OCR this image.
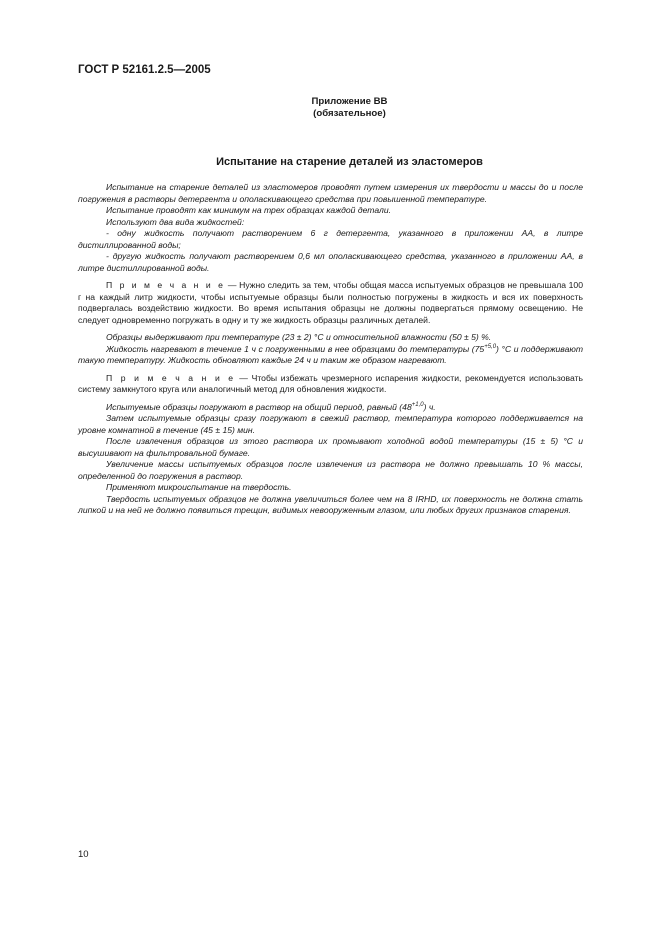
ГОСТ Р 52161.2.5—2005
Приложение ВВ
(обязательное)
Испытание на старение деталей из эластомеров

Испытание на старение деталей из эластомеров проводят путем измерения их твердости и массы до и после погружения в растворы детергента и ополаскивающего средства при повышенной температуре.

Испытание проводят как минимум на трех образцах каждой детали.

Используют два вида жидкостей:

- одну жидкость получают растворением 6 г детергента, указанного в приложении АА, в литре дистиллированной воды;

- другую жидкость получают растворением 0,6 мл ополаскивающего средства, указанного в приложении АА, в литре дистиллированной воды.

П р и м е ч а н и е — Нужно следить за тем, чтобы общая масса испытуемых образцов не превышала 100 г на каждый литр жидкости, чтобы испытуемые образцы были полностью погружены в жидкость и вся их поверхность подвергалась воздействию жидкости. Во время испытания образцы не должны подвергаться прямому освещению. Не следует одновременно погружать в одну и ту же жидкость образцы различных деталей.

Образцы выдерживают при температуре (23 ± 2) °С и относительной влажности (50 ± 5) %.

Жидкость нагревают в течение 1 ч с погруженными в нее образцами до температуры $(75^{+5,0})$ °С и поддерживают такую температуру. Жидкость обновляют каждые 24 ч и таким же образом нагревают.

П р и м е ч а н и е — Чтобы избежать чрезмерного испарения жидкости, рекомендуется использовать систему замкнутого круга или аналогичный метод для обновления жидкости.

Испытуемые образцы погружают в раствор на общий период, равный $(48^{+1,0})$ ч.

Затем испытуемые образцы сразу погружают в свежий раствор, температура которого поддерживается на уровне комнатной в течение (45 ± 15) мин.

После извлечения образцов из этого раствора их промывают холодной водой температуры (15 ± 5) °С и высушивают на фильтровальной бумаге.

Увеличение массы испытуемых образцов после извлечения из раствора не должно превышать 10 % массы, определенной до погружения в раствор.

Применяют микроиспытание на твердость.

Твердость испытуемых образцов не должна увеличиться более чем на 8 IRHD, их поверхность не должна стать липкой и на ней не должно появиться трещин, видимых невооруженным глазом, или любых других признаков старения.

10
